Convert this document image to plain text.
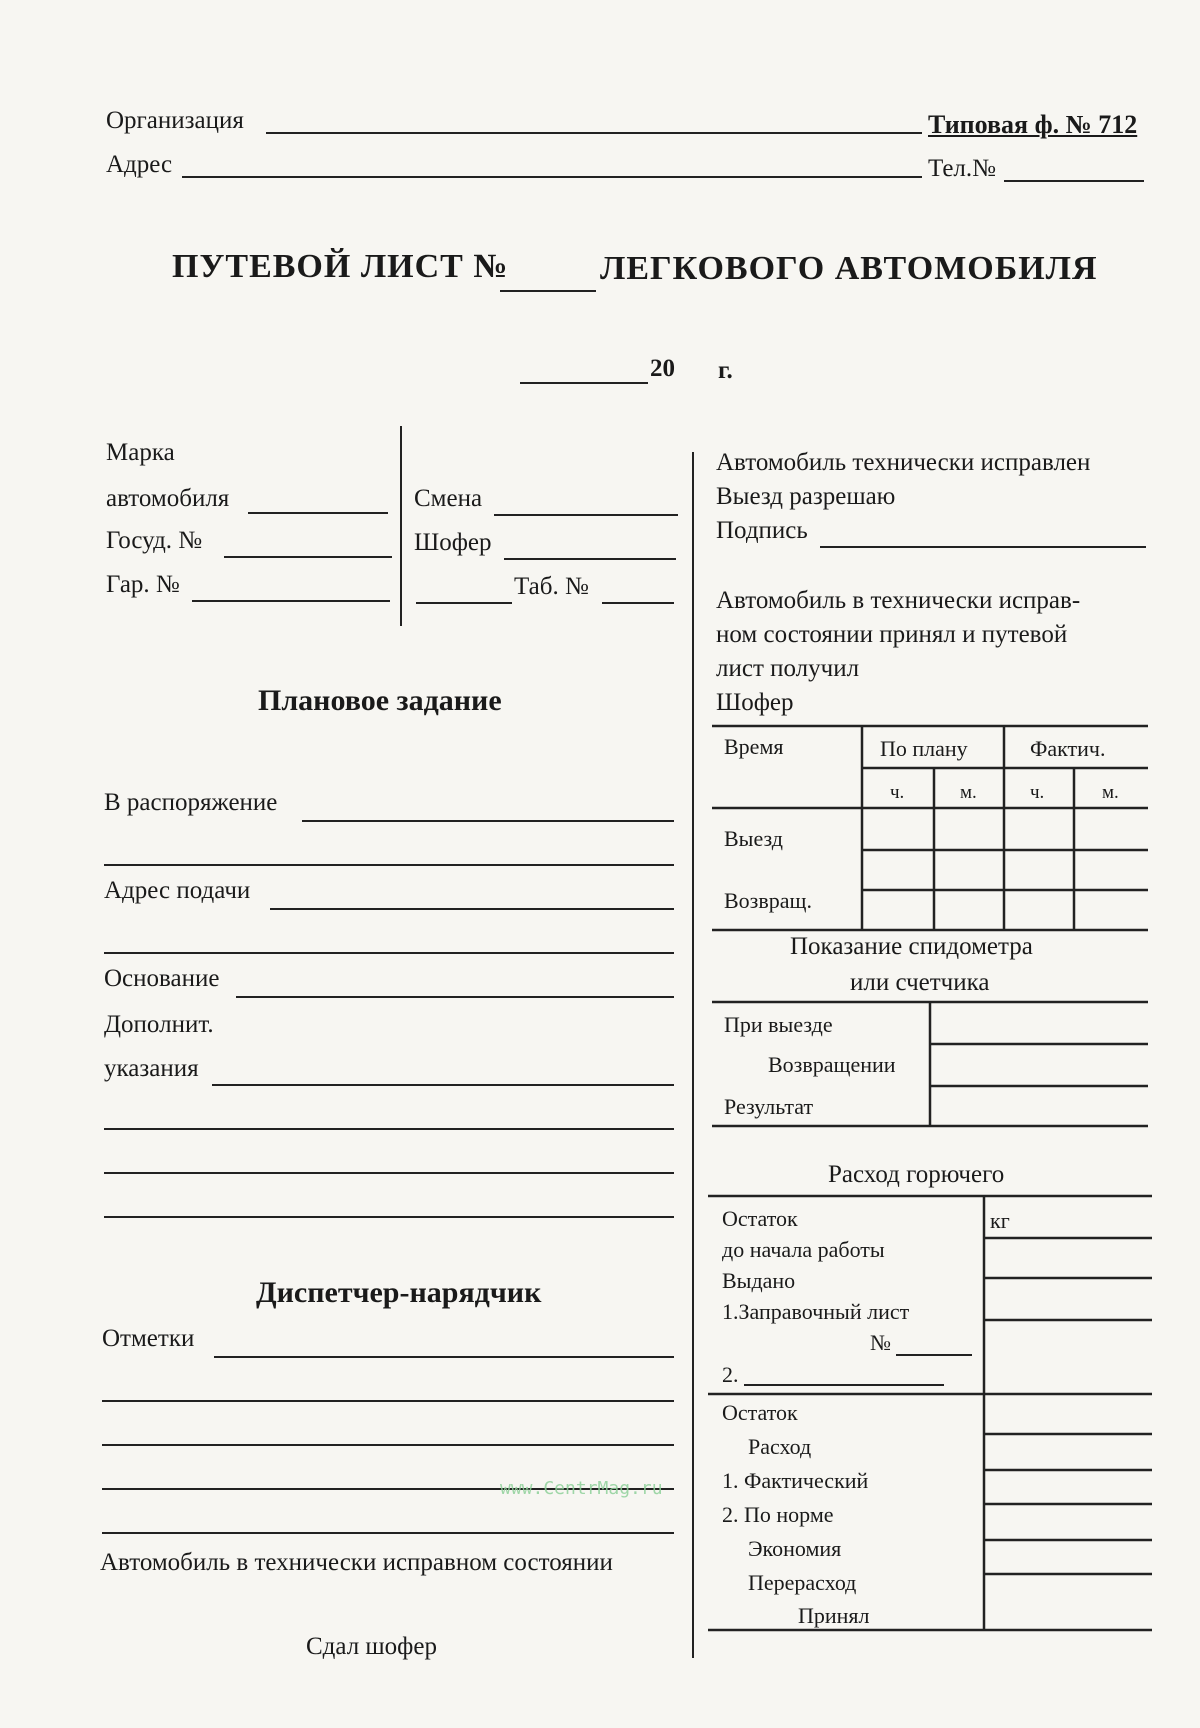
Организация	Типовая ф. № 712
Адрес	Тел.№
ПУТЕВОЙ ЛИСТ №	ЛЕГКОВОГО АВТОМОБИЛЯ
20 г.
Марка
автомобиля
Госуд. №
Гар. №
Смена
Шофер
Таб. №
Плановое задание
В распоряжение
Адрес подачи
Основание
Дополнит.
указания
Диспетчер-нарядчик
Отметки
Автомобиль в технически исправном состоянии
Сдал шофер
Автомобиль технически исправлен
Выезд разрешаю
Подпись
Автомобиль в технически исправ-
ном состоянии принял и путевой
лист получил
Шофер
Время	По плану	Фактич.
ч.	м.	ч.	м.
Выезд
Возвращ.
Показание спидометра
или счетчика
При выезде
Возвращении
Результат
Расход горючего
кг
Остаток
до начала работы
Выдано
1.Заправочный лист
№
2.
Остаток
Расход
1. Фактический
2. По норме
Экономия
Перерасход
Принял
www.CentrMag.ru
